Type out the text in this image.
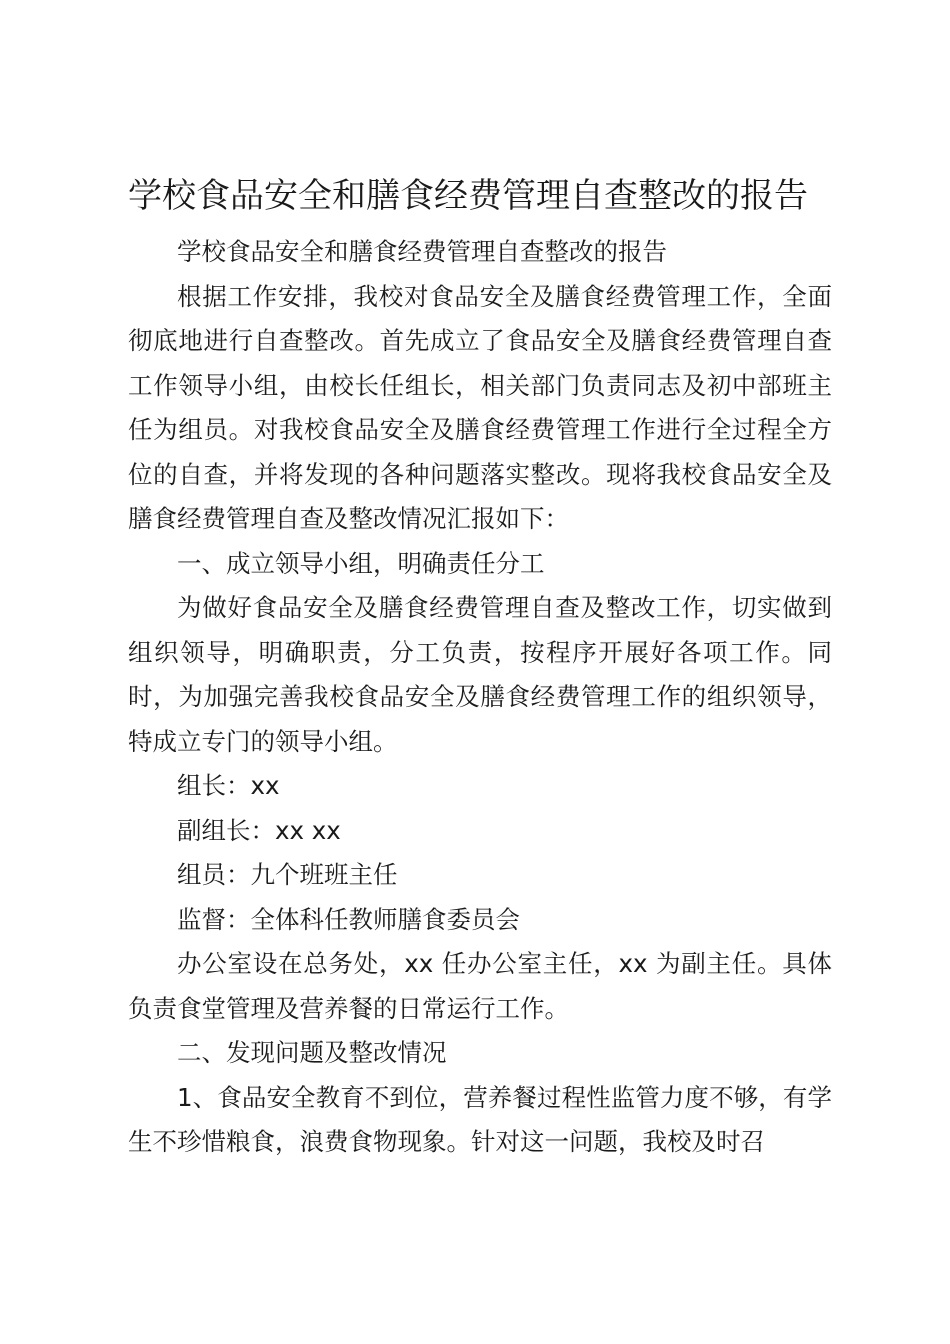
学校食品安全和膳食经费管理自查整改的报告

学校食品安全和膳食经费管理自查整改的报告

根据工作安排，我校对食品安全及膳食经费管理工作，全面彻底地进行自查整改。首先成立了食品安全及膳食经费管理自查工作领导小组，由校长任组长，相关部门负责同志及初中部班主任为组员。对我校食品安全及膳食经费管理工作进行全过程全方位的自查，并将发现的各种问题落实整改。现将我校食品安全及膳食经费管理自查及整改情况汇报如下：

一、成立领导小组，明确责任分工

为做好食品安全及膳食经费管理自查及整改工作，切实做到组织领导，明确职责，分工负责，按程序开展好各项工作。同时，为加强完善我校食品安全及膳食经费管理工作的组织领导，特成立专门的领导小组。

组长：xx

副组长：xx xx

组员：九个班班主任

监督：全体科任教师膳食委员会

办公室设在总务处，xx 任办公室主任，xx 为副主任。具体负责食堂管理及营养餐的日常运行工作。

二、发现问题及整改情况

1、食品安全教育不到位，营养餐过程性监管力度不够，有学生不珍惜粮食，浪费食物现象。针对这一问题，我校及时召
